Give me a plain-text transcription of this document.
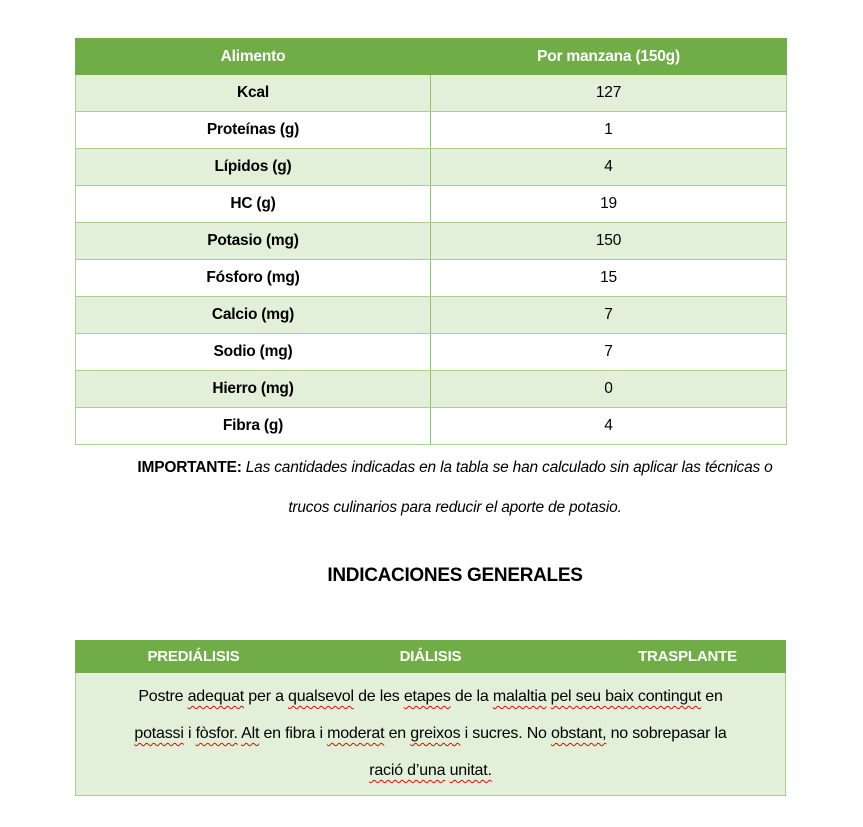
Alimento	Por manzana (150g)
Kcal	127
Proteínas (g)	1
Lípidos (g)	4
HC (g)	19
Potasio (mg)	150
Fósforo (mg)	15
Calcio (mg)	7
Sodio (mg)	7
Hierro (mg)	0
Fibra (g)	4

IMPORTANTE: Las cantidades indicadas en la tabla se han calculado sin aplicar las técnicas o
trucos culinarios para reducir el aporte de potasio.

INDICACIONES GENERALES
PREDIÁLISIS	DIÁLISIS	TRASPLANTE
Postre adequat per a qualsevol de les etapes de la malaltia pel seu baix contingut en
potassi i fòsfor. Alt en fibra i moderat en greixos i sucres. No obstant, no sobrepasar la
ració d’una unitat.
